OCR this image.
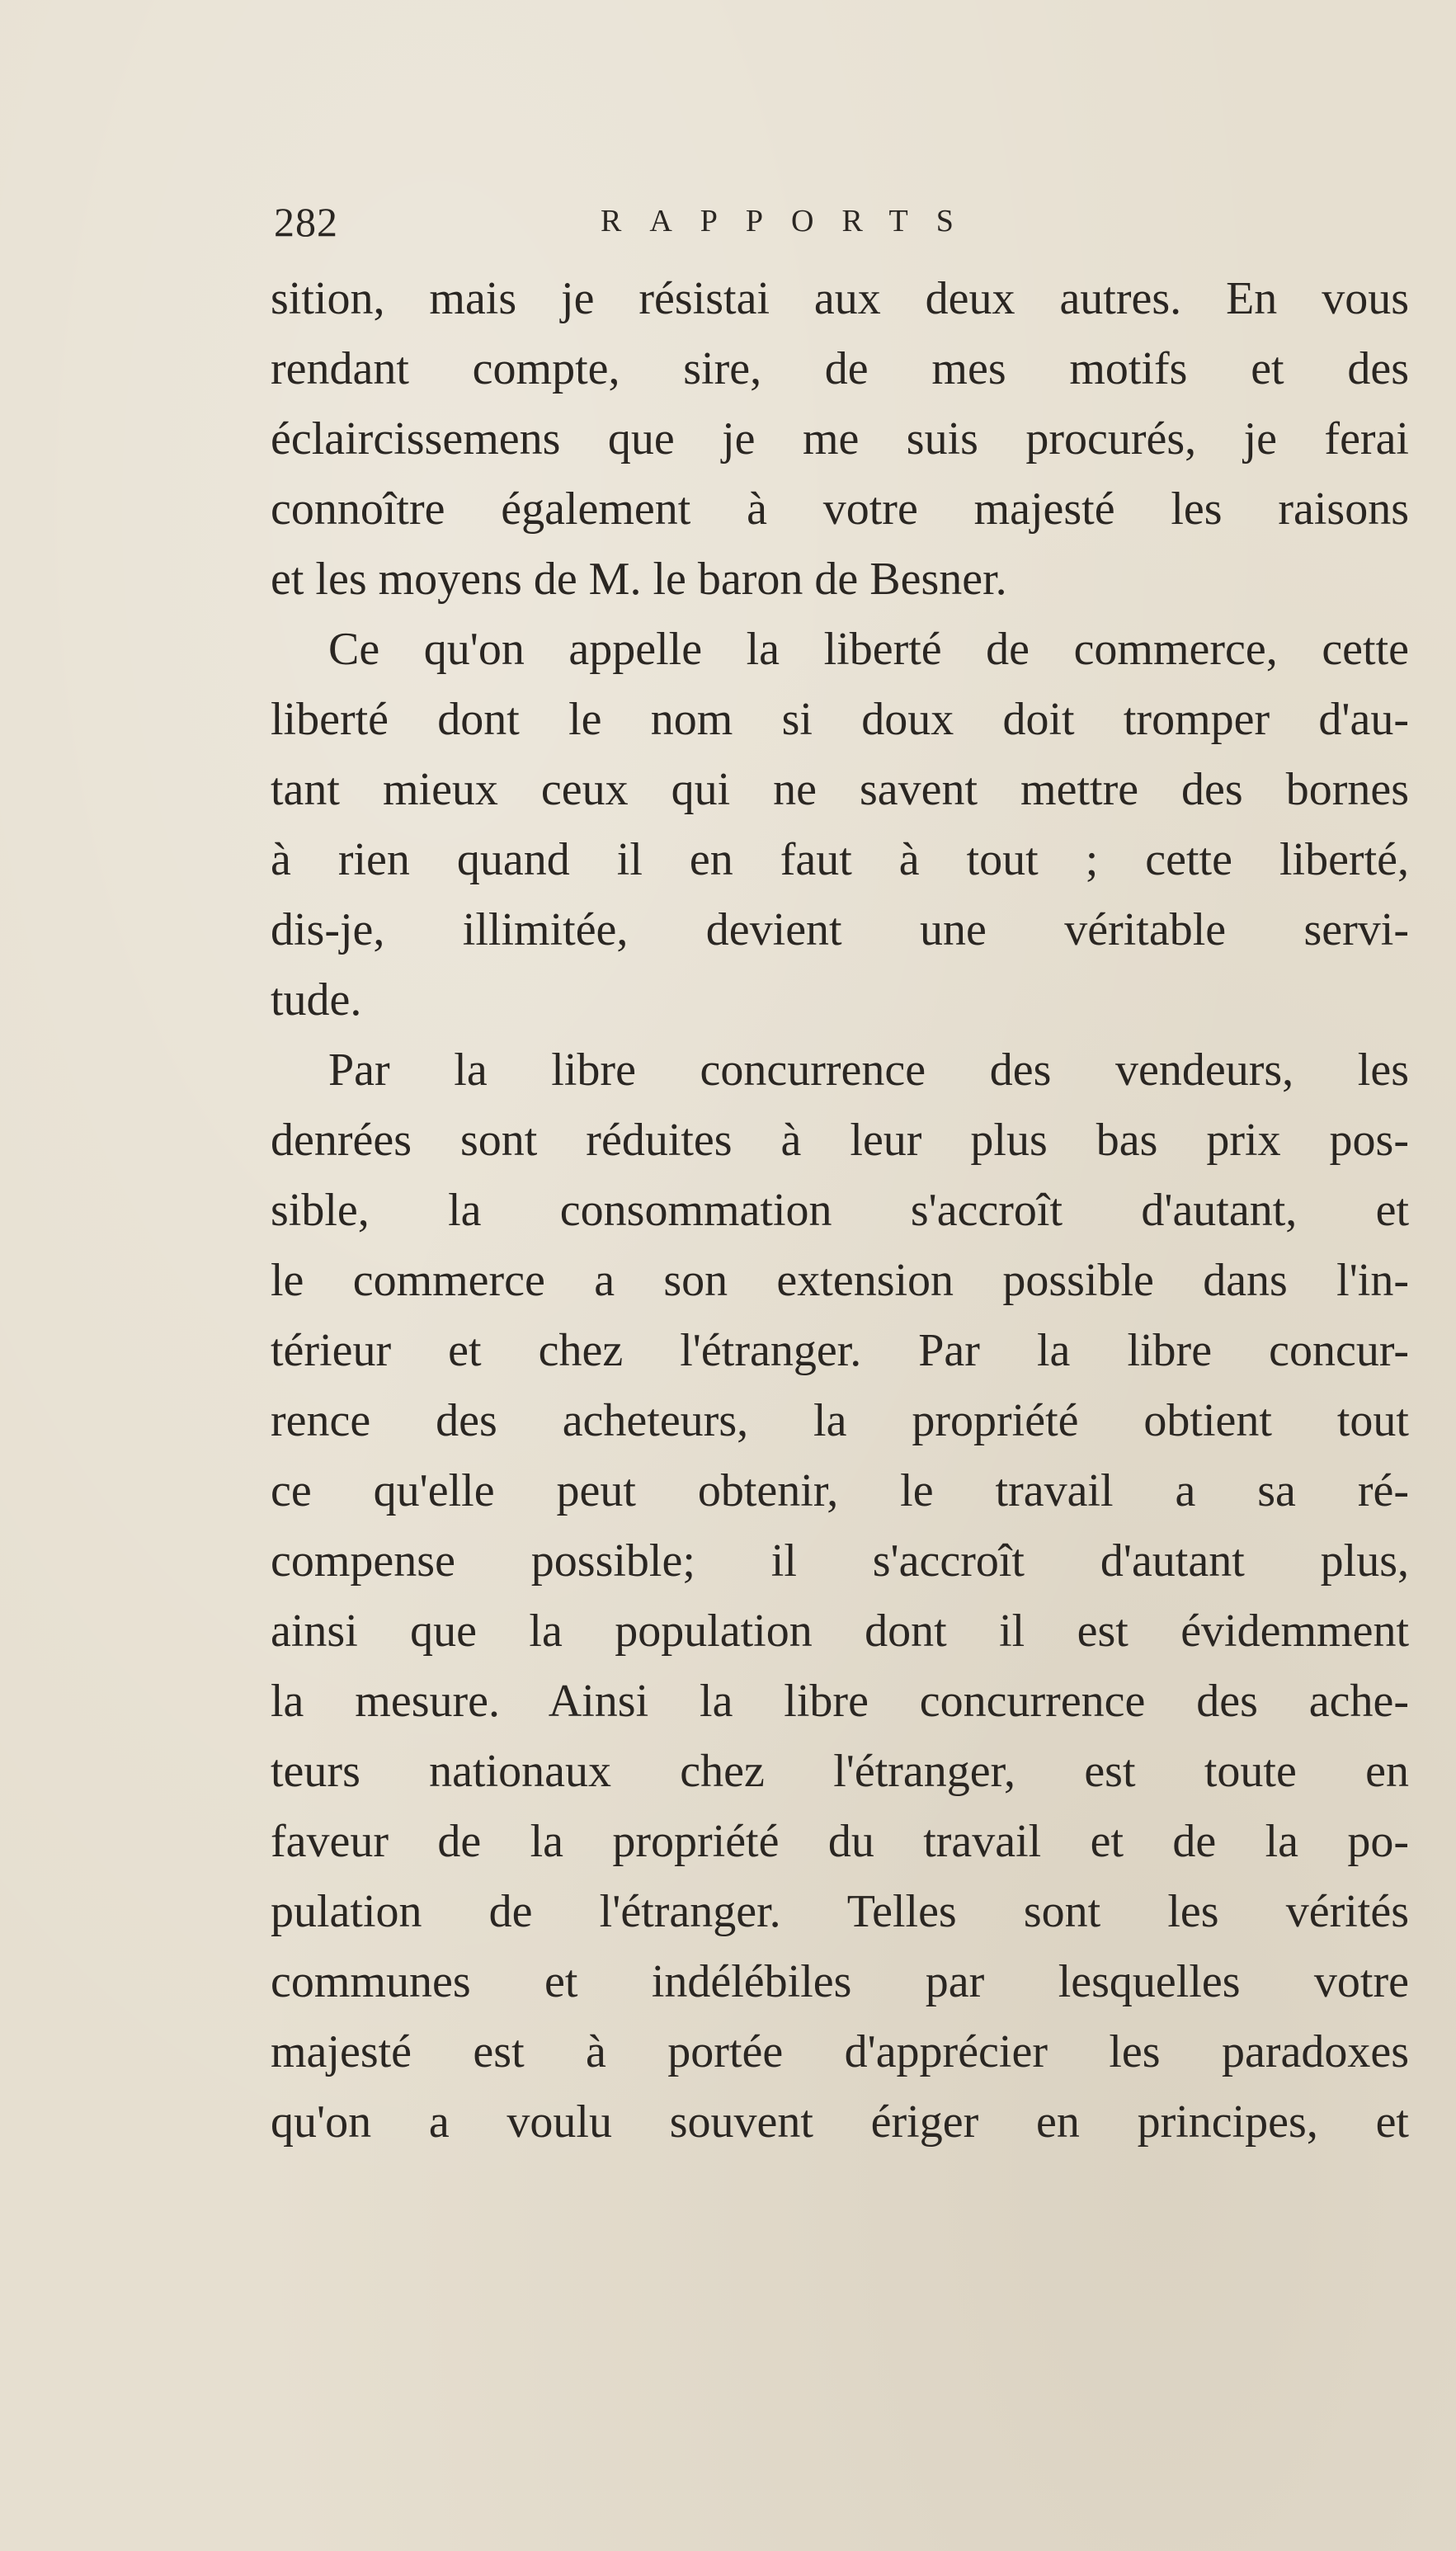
282	RAPPORTS
sition, mais je résistai aux deux autres. En vous
rendant compte, sire, de mes motifs et des
éclaircissemens que je me suis procurés, je ferai
connoître également à votre majesté les raisons
et les moyens de M. le baron de Besner.
Ce qu'on appelle la liberté de commerce, cette
liberté dont le nom si doux doit tromper d'au-
tant mieux ceux qui ne savent mettre des bornes
à rien quand il en faut à tout ; cette liberté,
dis-je, illimitée, devient une véritable servi-
tude.
Par la libre concurrence des vendeurs, les
denrées sont réduites à leur plus bas prix pos-
sible, la consommation s'accroît d'autant, et
le commerce a son extension possible dans l'in-
térieur et chez l'étranger. Par la libre concur-
rence des acheteurs, la propriété obtient tout
ce qu'elle peut obtenir, le travail a sa ré-
compense possible; il s'accroît d'autant plus,
ainsi que la population dont il est évidemment
la mesure. Ainsi la libre concurrence des ache-
teurs nationaux chez l'étranger, est toute en
faveur de la propriété du travail et de la po-
pulation de l'étranger. Telles sont les vérités
communes et indélébiles par lesquelles votre
majesté est à portée d'apprécier les paradoxes
qu'on a voulu souvent ériger en principes, et
